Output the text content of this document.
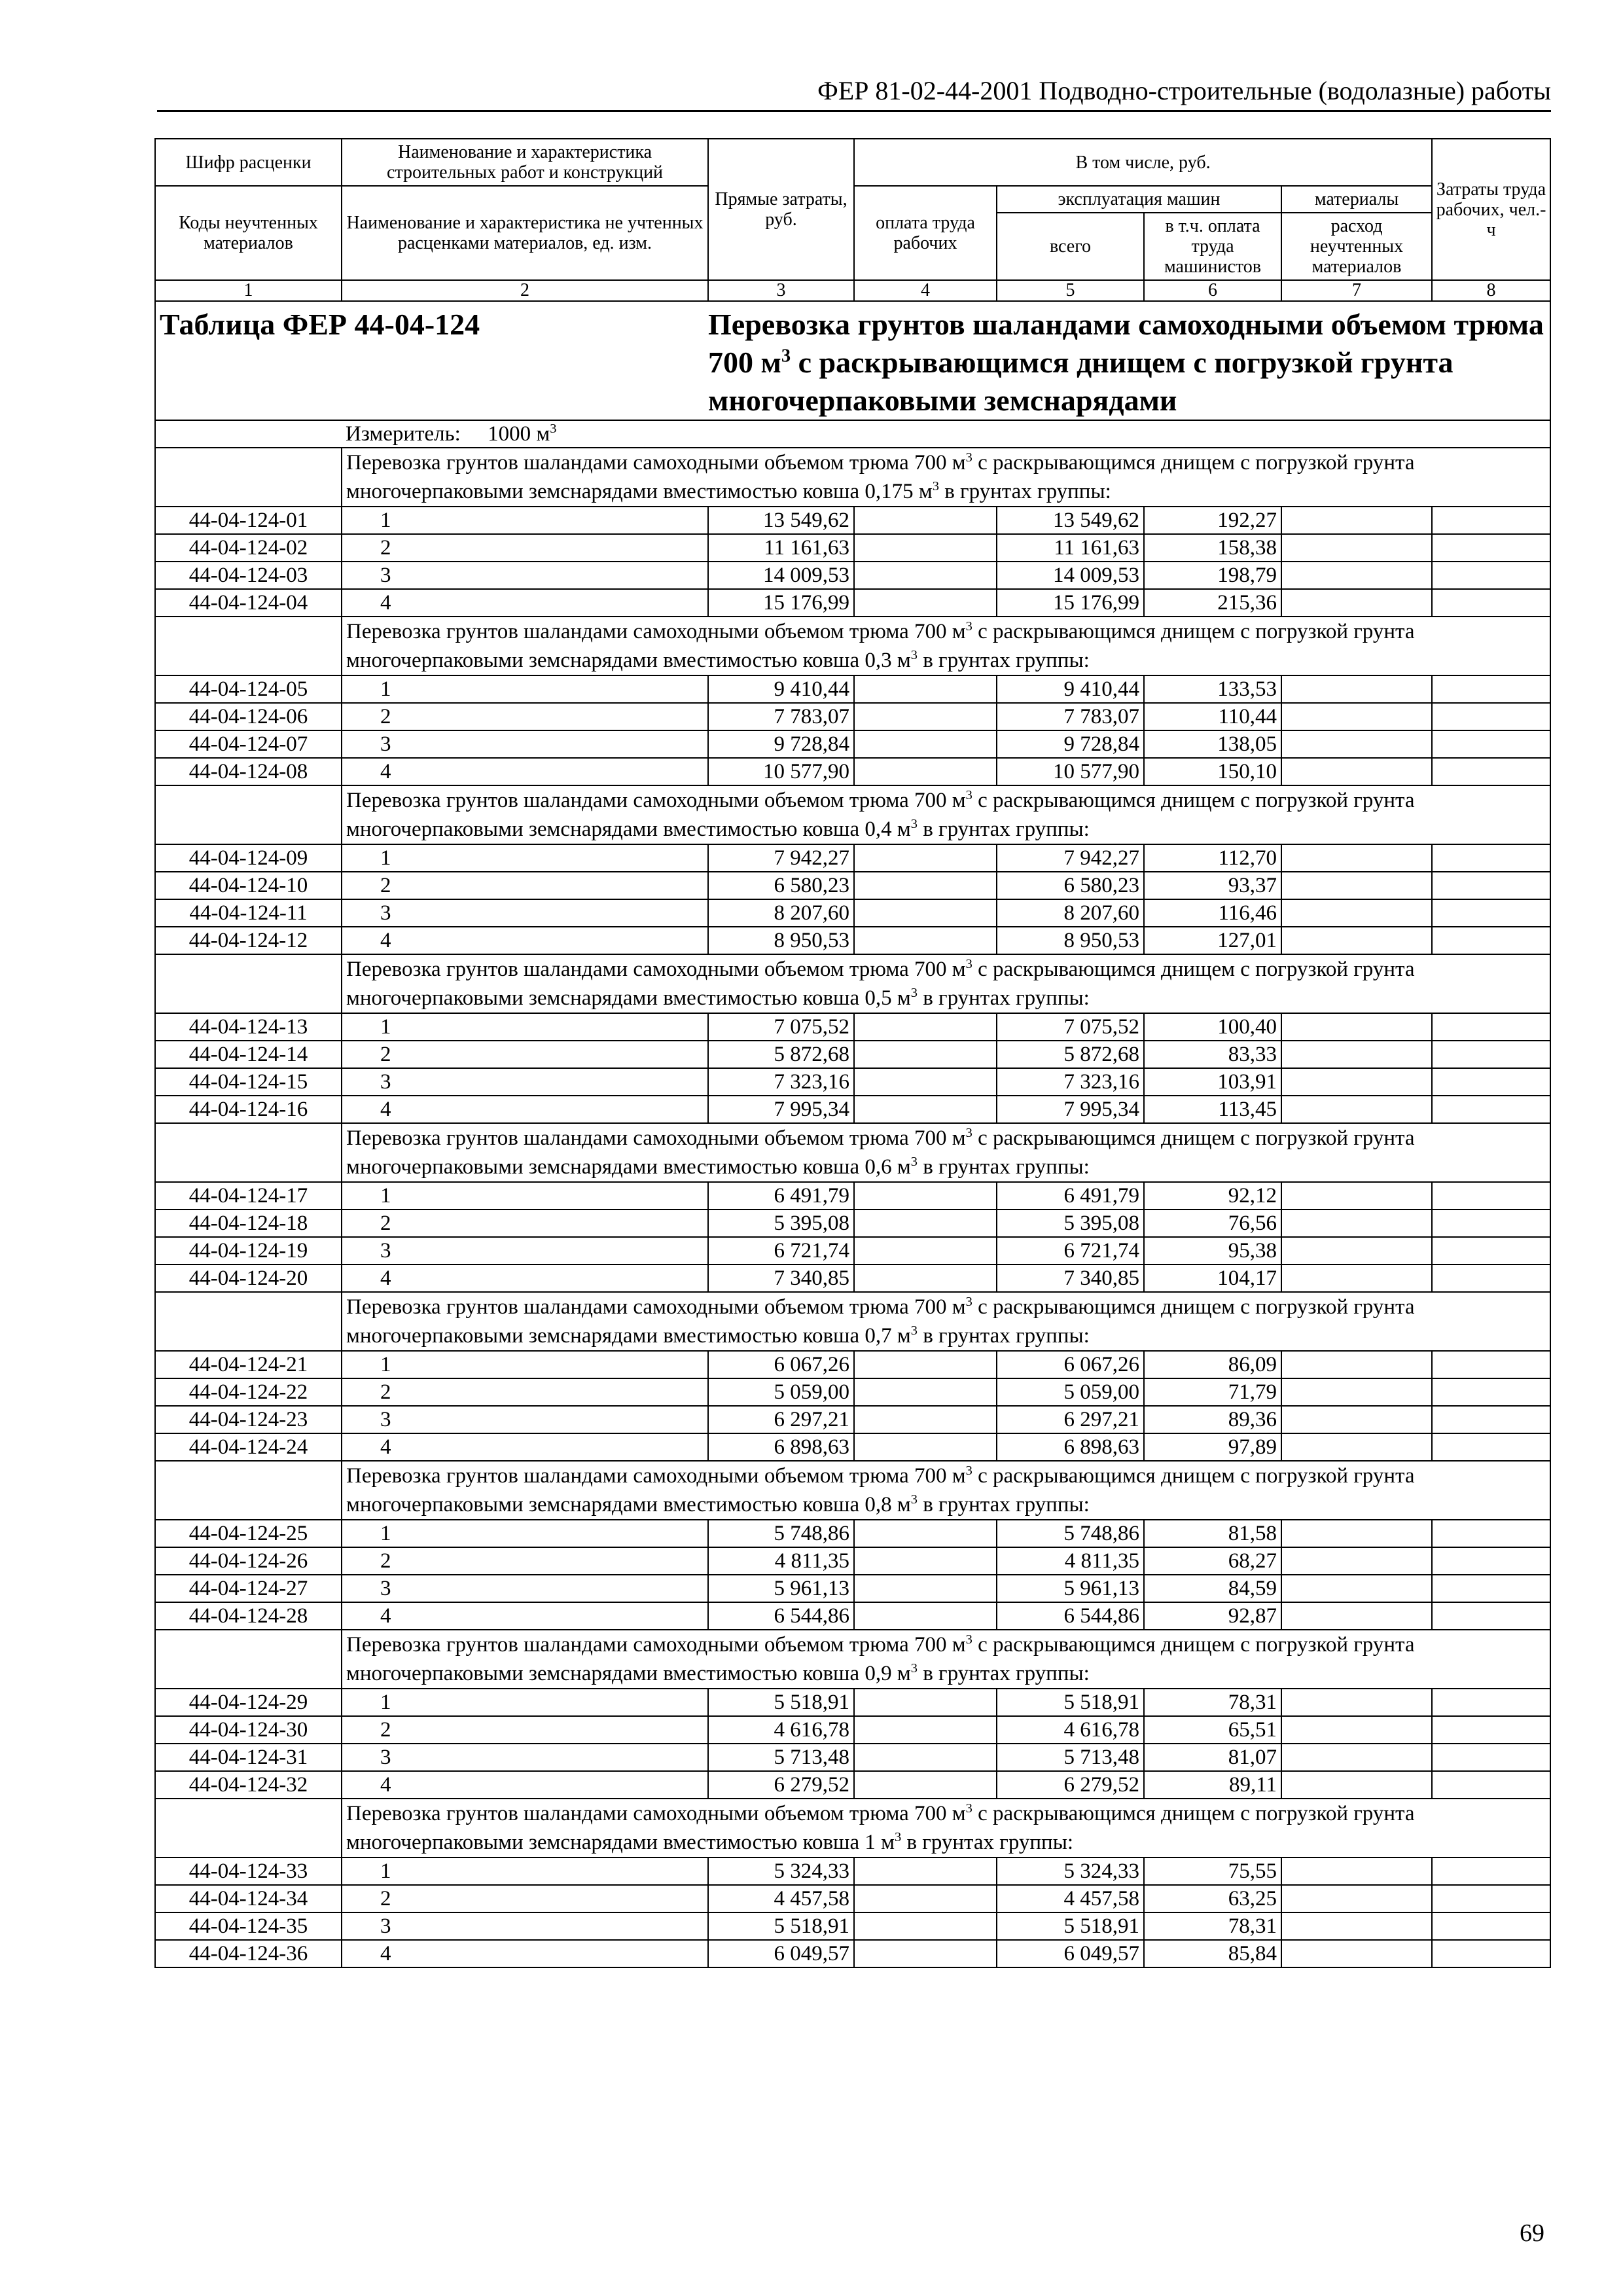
ФЕР 81-02-44-2001 Подводно-строительные (водолазные) работы
Шифр расценки	Наименование и характеристика строительных работ и конструкций	Прямые затраты, руб.	В том числе, руб.				Затраты труда рабочих, чел.-ч
Коды неучтенных материалов	Наименование и характеристика не учтенных расценками материалов, ед. изм.		оплата труда рабочих	эксплуатация машин		материалы	
				всего	в т.ч. оплата труда машинистов	расход неучтенных материалов	
1	2	3	4	5	6	7	8
Таблица ФЕР 44-04-124		Перевозка грунтов шаландами самоходными объемом трюма 700 $м^3$ с раскрывающимся днищем с погрузкой грунта многочерпаковыми земснарядами					
	Измеритель: 1000 $м^3$
	Перевозка грунтов шаландами самоходными объемом трюма 700 $м^3$ с раскрывающимся днищем с погрузкой грунта многочерпаковыми земснарядами вместимостью ковша 0,175 $м^3$ в грунтах группы:						
44-04-124-01	1	13 549,62		13 549,62	192,27		
44-04-124-02	2	11 161,63		11 161,63	158,38		
44-04-124-03	3	14 009,53		14 009,53	198,79		
44-04-124-04	4	15 176,99		15 176,99	215,36		
	Перевозка грунтов шаландами самоходными объемом трюма 700 $м^3$ с раскрывающимся днищем с погрузкой грунта многочерпаковыми земснарядами вместимостью ковша 0,3 $м^3$ в грунтах группы:						
44-04-124-05	1	9 410,44		9 410,44	133,53		
44-04-124-06	2	7 783,07		7 783,07	110,44		
44-04-124-07	3	9 728,84		9 728,84	138,05		
44-04-124-08	4	10 577,90		10 577,90	150,10		
	Перевозка грунтов шаландами самоходными объемом трюма 700 $м^3$ с раскрывающимся днищем с погрузкой грунта многочерпаковыми земснарядами вместимостью ковша 0,4 $м^3$ в грунтах группы:						
44-04-124-09	1	7 942,27		7 942,27	112,70		
44-04-124-10	2	6 580,23		6 580,23	93,37		
44-04-124-11	3	8 207,60		8 207,60	116,46		
44-04-124-12	4	8 950,53		8 950,53	127,01		
	Перевозка грунтов шаландами самоходными объемом трюма 700 $м^3$ с раскрывающимся днищем с погрузкой грунта многочерпаковыми земснарядами вместимостью ковша 0,5 $м^3$ в грунтах группы:						
44-04-124-13	1	7 075,52		7 075,52	100,40		
44-04-124-14	2	5 872,68		5 872,68	83,33		
44-04-124-15	3	7 323,16		7 323,16	103,91		
44-04-124-16	4	7 995,34		7 995,34	113,45		
	Перевозка грунтов шаландами самоходными объемом трюма 700 $м^3$ с раскрывающимся днищем с погрузкой грунта многочерпаковыми земснарядами вместимостью ковша 0,6 $м^3$ в грунтах группы:						
44-04-124-17	1	6 491,79		6 491,79	92,12		
44-04-124-18	2	5 395,08		5 395,08	76,56		
44-04-124-19	3	6 721,74		6 721,74	95,38		
44-04-124-20	4	7 340,85		7 340,85	104,17		
	Перевозка грунтов шаландами самоходными объемом трюма 700 $м^3$ с раскрывающимся днищем с погрузкой грунта многочерпаковыми земснарядами вместимостью ковша 0,7 $м^3$ в грунтах группы:						
44-04-124-21	1	6 067,26		6 067,26	86,09		
44-04-124-22	2	5 059,00		5 059,00	71,79		
44-04-124-23	3	6 297,21		6 297,21	89,36		
44-04-124-24	4	6 898,63		6 898,63	97,89		
	Перевозка грунтов шаландами самоходными объемом трюма 700 $м^3$ с раскрывающимся днищем с погрузкой грунта многочерпаковыми земснарядами вместимостью ковша 0,8 $м^3$ в грунтах группы:						
44-04-124-25	1	5 748,86		5 748,86	81,58		
44-04-124-26	2	4 811,35		4 811,35	68,27		
44-04-124-27	3	5 961,13		5 961,13	84,59		
44-04-124-28	4	6 544,86		6 544,86	92,87		
	Перевозка грунтов шаландами самоходными объемом трюма 700 $м^3$ с раскрывающимся днищем с погрузкой грунта многочерпаковыми земснарядами вместимостью ковша 0,9 $м^3$ в грунтах группы:						
44-04-124-29	1	5 518,91		5 518,91	78,31		
44-04-124-30	2	4 616,78		4 616,78	65,51		
44-04-124-31	3	5 713,48		5 713,48	81,07		
44-04-124-32	4	6 279,52		6 279,52	89,11		
	Перевозка грунтов шаландами самоходными объемом трюма 700 $м^3$ с раскрывающимся днищем с погрузкой грунта многочерпаковыми земснарядами вместимостью ковша 1 $м^3$ в грунтах группы:						
44-04-124-33	1	5 324,33		5 324,33	75,55		
44-04-124-34	2	4 457,58		4 457,58	63,25		
44-04-124-35	3	5 518,91		5 518,91	78,31		
44-04-124-36	4	6 049,57		6 049,57	85,84		
69
